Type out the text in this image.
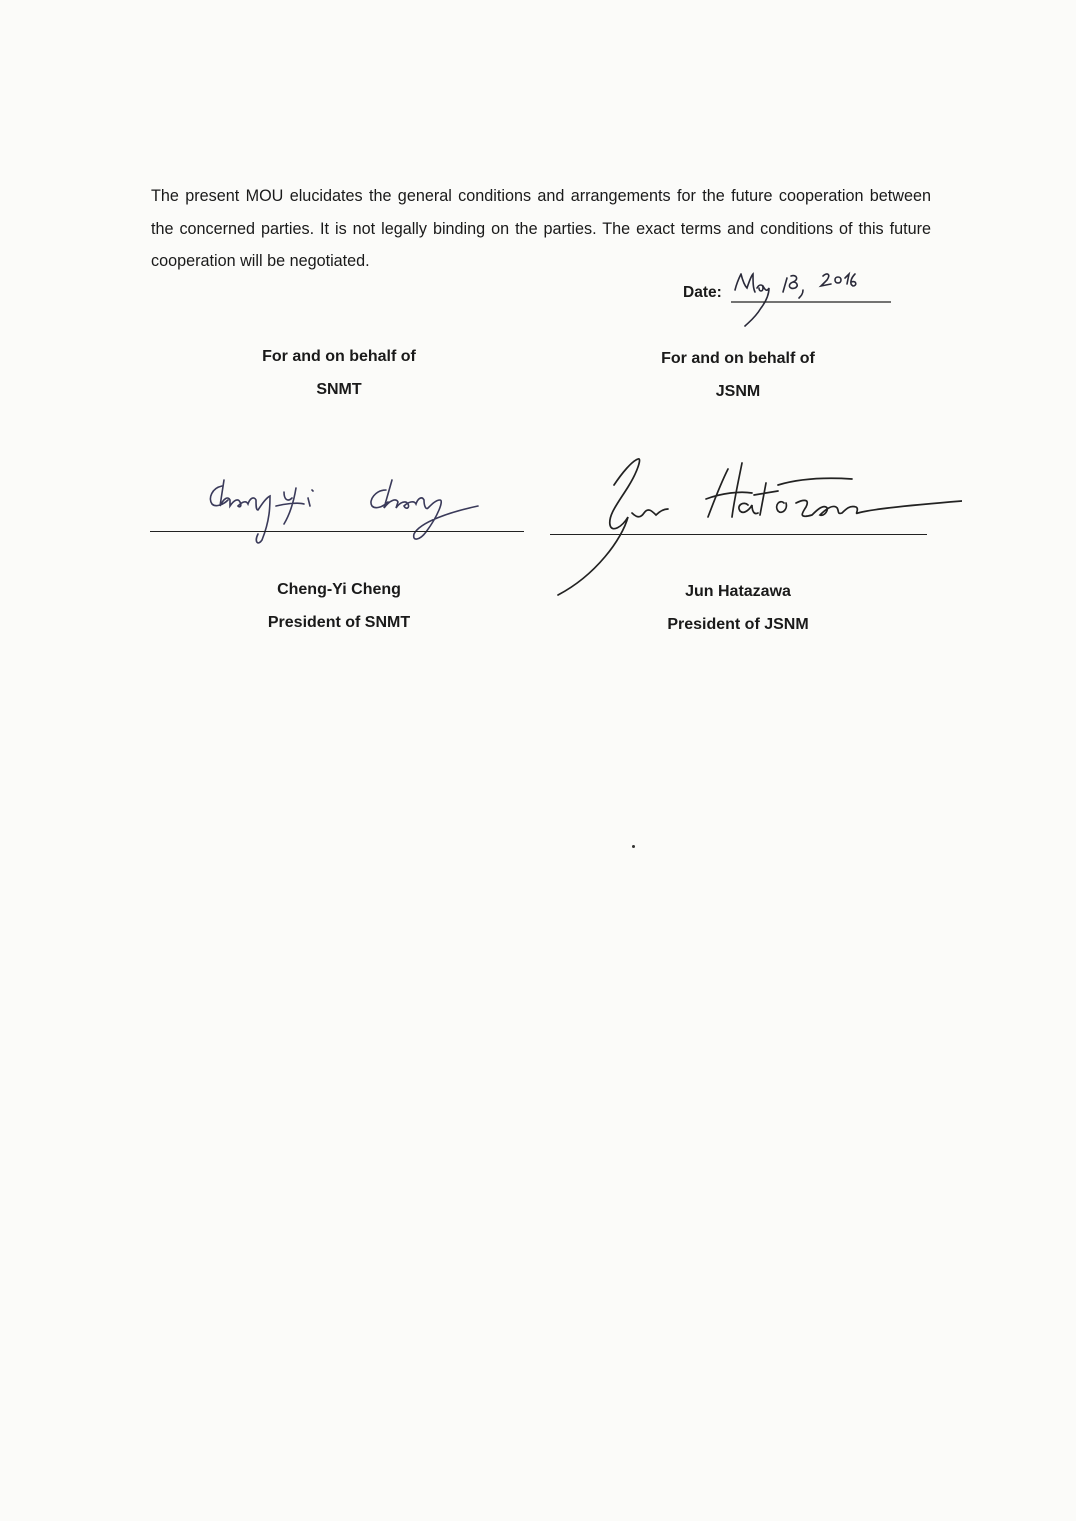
The present MOU elucidates the general conditions and arrangements for the future cooperation between the concerned parties. It is not legally binding on the parties. The exact terms and conditions of this future cooperation will be negotiated.

Date:
For and on behalf of
SNMT
For and on behalf of
JSNM
Cheng-Yi Cheng
President of SNMT
Jun Hatazawa
President of JSNM
